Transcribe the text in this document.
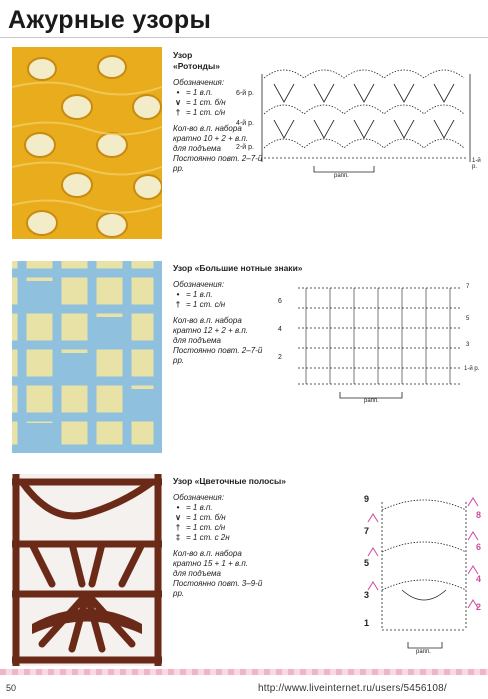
Ажурные узоры
Узор
«Ротонды»
Обозначения:
• = 1 в.п.
∨ = 1 ст. б/н
† = 1 ст. с/н
Кол-во в.п. набора кратно 10 + 2 + в.п. для подъема
Постоянно повт. 2–7-й рр.
6-й р.
4-й р.
2-й р.
рапп.
1-й р.
Узор «Большие нотные знаки»
Обозначения:
• = 1 в.п.
† = 1 ст. с/н
Кол-во в.п. набора кратно 12 + 2 + в.п. для подъема
Постоянно повт. 2–7-й рр.
6
4
2
7
5
3
1-й р.
рапп.
Узор «Цветочные полосы»
Обозначения:
• = 1 в.п.
∨ = 1 ст. б/н
† = 1 ст. с/н
‡ = 1 ст. с 2н
Кол-во в.п. набора кратно 15 + 1 + в.п. для подъема
Постоянно повт. 3–9-й рр.
9
7
5
3
1
8
6
4
2
рапп.
50	http://www.liveinternet.ru/users/5456108/
